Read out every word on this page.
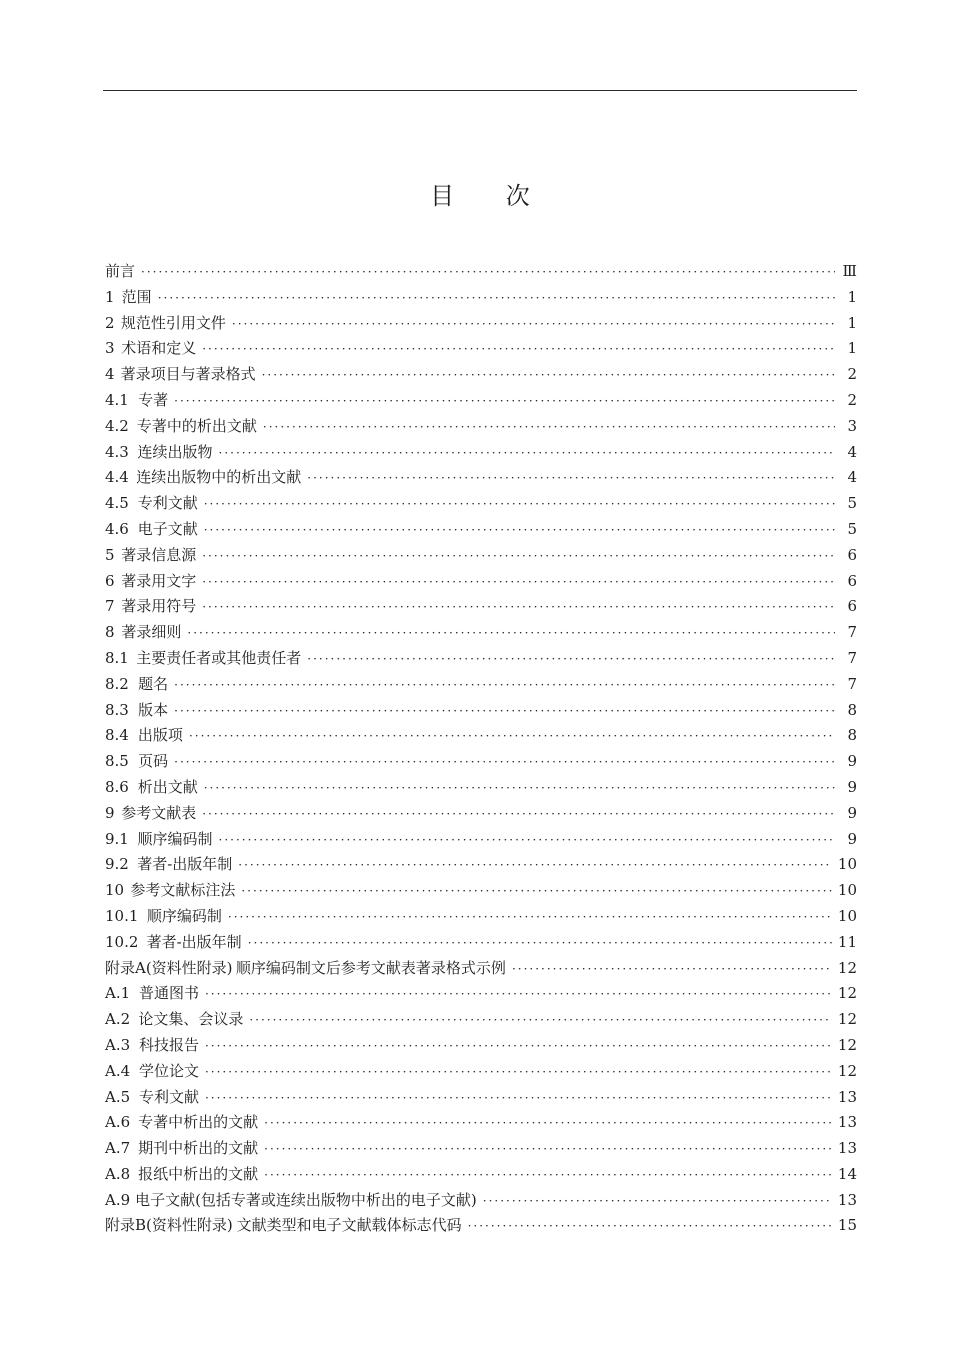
目 次
前言 ·····	Ⅲ
1 范围 ·····	1
2 规范性引用文件 ·····	1
3 术语和定义 ·····	1
4 著录项目与著录格式 ·····	2
4.1 专著 ·····	2
4.2 专著中的析出文献 ·····	3
4.3 连续出版物 ·····	4
4.4 连续出版物中的析出文献 ·····	4
4.5 专利文献 ·····	5
4.6 电子文献 ·····	5
5 著录信息源 ·····	6
6 著录用文字 ·····	6
7 著录用符号 ·····	6
8 著录细则 ·····	7
8.1 主要责任者或其他责任者 ·····	7
8.2 题名 ·····	7
8.3 版本 ·····	8
8.4 出版项 ·····	8
8.5 页码 ·····	9
8.6 析出文献 ·····	9
9 参考文献表 ·····	9
9.1 顺序编码制 ·····	9
9.2 著者-出版年制 ·····	10
10 参考文献标注法 ·····	10
10.1 顺序编码制 ·····	10
10.2 著者-出版年制 ·····	11
附录A(资料性附录) 顺序编码制文后参考文献表著录格式示例 ·····	12
A.1 普通图书 ·····	12
A.2 论文集、会议录 ·····	12
A.3 科技报告 ·····	12
A.4 学位论文 ·····	12
A.5 专利文献 ·····	13
A.6 专著中析出的文献 ·····	13
A.7 期刊中析出的文献 ·····	13
A.8 报纸中析出的文献 ·····	14
A.9 电子文献(包括专著或连续出版物中析出的电子文献) ·····	13
附录B(资料性附录) 文献类型和电子文献载体标志代码 ·····	15
